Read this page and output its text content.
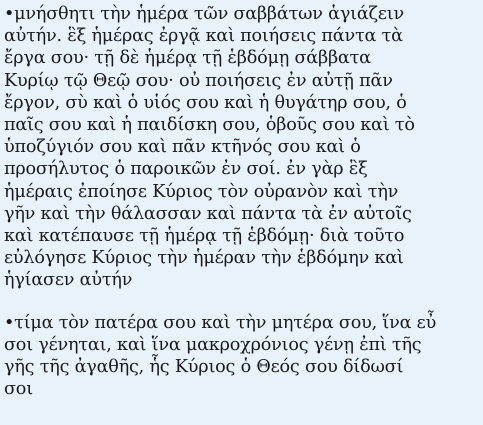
•μνήσθητι τὴν ἡμέρα τῶν σαββάτων ἁγιάζειν
αὐτήν. ἓξ ἡμέρας ἐργᾷ καὶ ποιήσεις πάντα τὰ
ἔργα σου· τῇ δὲ ἡμέρᾳ τῇ ἑβδόμῃ σάββατα
Κυρίῳ τῷ Θεῷ σου· οὐ ποιήσεις ἐν αὐτῇ πᾶν
ἔργον, σὺ καὶ ὁ υἱός σου καὶ ἡ θυγάτηρ σου, ὁ
παῖς σου καὶ ἡ παιδίσκη σου, ὁβοῦς σου καὶ τὸ
ὑποζύγιόν σου καὶ πᾶν κτῆνός σου καὶ ὁ
προσήλυτος ὁ παροικῶν ἐν σοί. ἐν γὰρ ἓξ
ἡμέραις ἐποίησε Κύριος τὸν οὐρανὸν καὶ τὴν
γῆν καὶ τὴν θάλασσαν καὶ πάντα τὰ ἐν αὐτοῖς
καὶ κατέπαυσε τῇ ἡμέρᾳ τῇ ἑβδόμῃ· διὰ τοῦτο
εὐλόγησε Κύριος τὴν ἡμέραν τὴν ἑβδόμην καὶ
ἡγίασεν αὐτήν

•τίμα τὸν πατέρα σου καὶ τὴν μητέρα σου, ἵνα εὖ
σοι γένηται, καὶ ἵνα μακροχρόνιος γένῃ ἐπὶ τῆς
γῆς τῆς ἀγαθῆς, ἧς Κύριος ὁ Θεός σου δίδωσί
σοι
